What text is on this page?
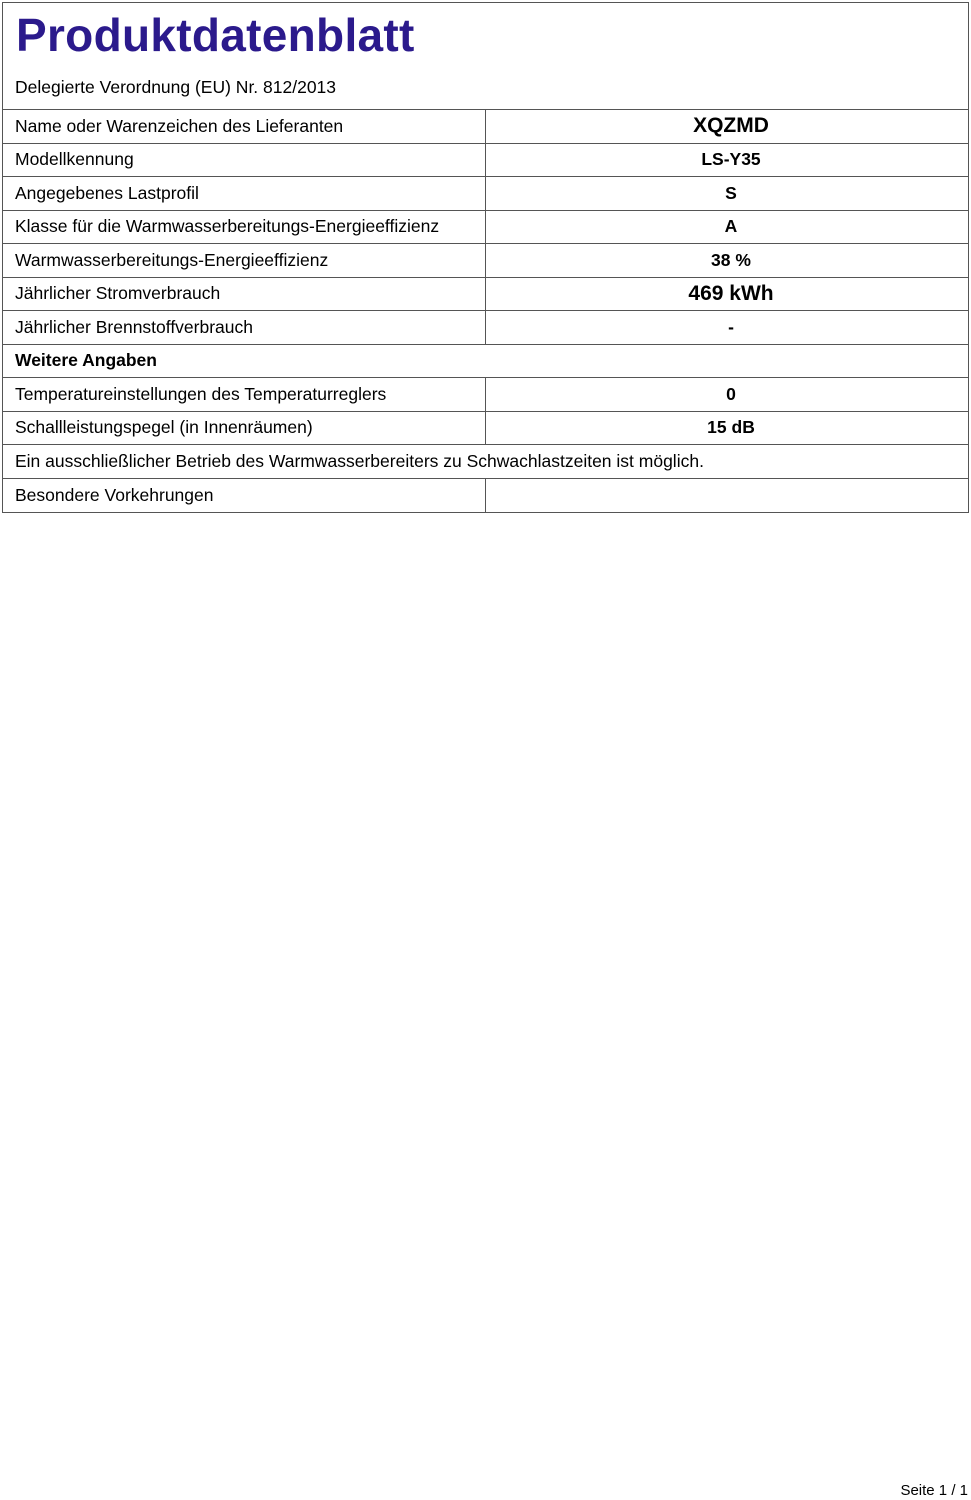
Produktdatenblatt
Delegierte Verordnung (EU) Nr. 812/2013
Name oder Warenzeichen des Lieferanten	XQZMD
Modellkennung	LS-Y35
Angegebenes Lastprofil	S
Klasse für die Warmwasserbereitungs-Energieeffizienz	A
Warmwasserbereitungs-Energieeffizienz	38 %
Jährlicher Stromverbrauch	469 kWh
Jährlicher Brennstoffverbrauch	-
Weitere Angaben
Temperatureinstellungen des Temperaturreglers	0
Schallleistungspegel (in Innenräumen)	15 dB
Ein ausschließlicher Betrieb des Warmwasserbereiters zu Schwachlastzeiten ist möglich.
Besondere Vorkehrungen
Seite 1 / 1
